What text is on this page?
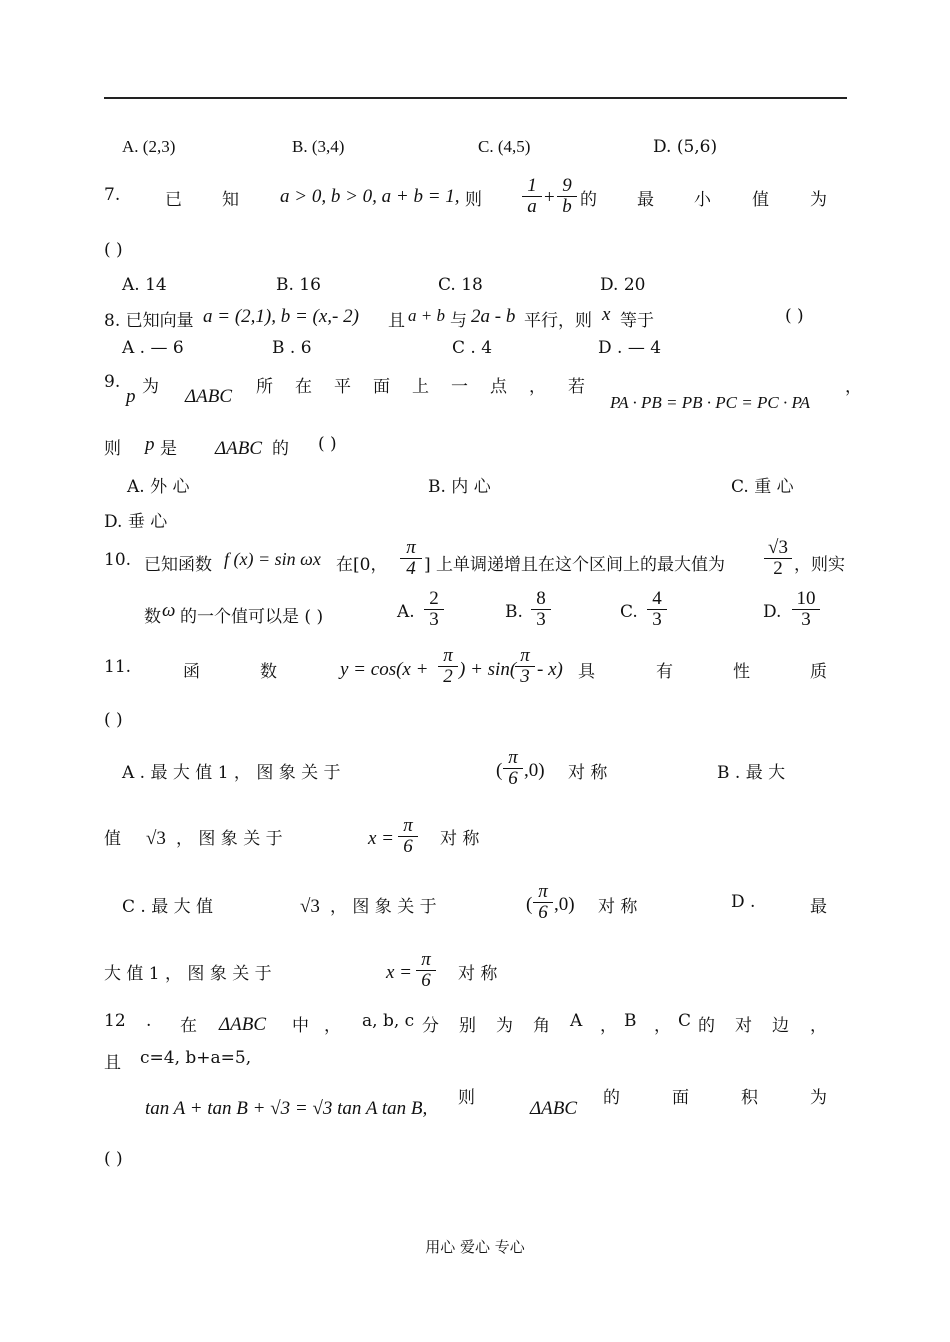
A. (2,3)	B. (3,4)	C. (4,5)	D. (5,6)
7.	已 知 a > 0, b > 0, a + b = 1, 则 $\frac{1}{a} + \frac{9}{b}$ 的 最 小 值 为
( )
A. 14	B. 16	C. 18	D. 20
8. 已知向量 a = (2,1), b = (x,- 2) 且 a + b 与 2a - b 平行，则 x 等于	( )
A . — 6	B . 6	C . 4	D . — 4
9.
p 为 ΔABC 所 在 平 面 上 一 点 ， 若
PA · PB = PB · PC = PC · PA
，
则 p 是 ΔABC 的 ( )
A. 外 心	B. 内 心	C. 重 心
D. 垂 心
10. 已知函数 f (x) = sin ωx 在[0， $\frac{\pi}{4}$ ] 上单调递增且在这个区间上的最大值为 $\frac{√3}{2}$ ，则实
数 ω 的一个值可以是 ( )	A. $\frac{2}{3}$	B. $\frac{8}{3}$	C. $\frac{4}{3}$	D. $\frac{10}{3}$
11.	函	数	$y = \cos(x + \frac{\pi}{2}$ ) + sin(
$\frac{\pi}{3} - x$) 具	有	性	质
( )
A . 最 大 值 1 ， 图 象 关 于	( $\frac{\pi}{6} ,0$) 对 称	B . 最 大
值 √3 ， 图 象 关 于	$x = \frac{\pi}{6}$ 对 称
C . 最 大 值	√3 ， 图 象 关 于	( $\frac{\pi}{6} ,0$) 对 称	D .	最
大 值 1 ， 图 象 关 于	$x = \frac{\pi}{6}$ 对 称
12 . 在 ΔABC 中 ， a, b, c 分 别 为 角 A ， B ， C 的 对 边 ，
且 c=4, b+a=5,
tan A + tan B + √3 = √3 tan A tan B, 则	ΔABC 的	面	积	为
( )
用心 爱心 专心
